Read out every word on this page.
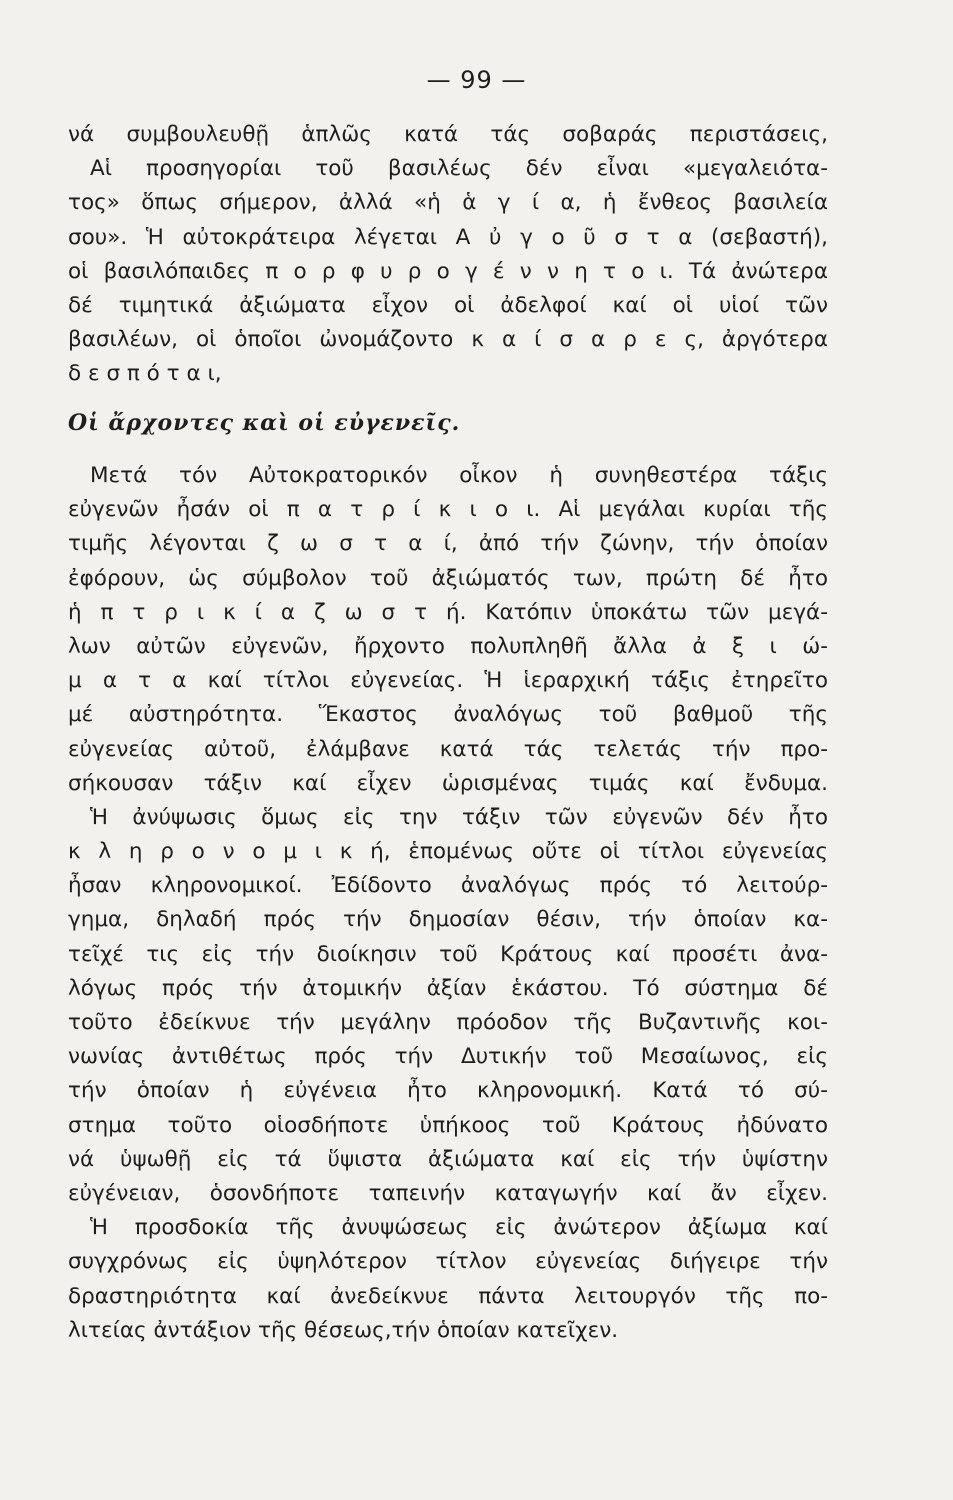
— 99 —
νά συμβουλευθῇ ἁπλῶς κατά τάς σοβαράς περιστάσεις,
Αἱ προσηγορίαι τοῦ βασιλέως δέν εἶναι «μεγαλειότα-
τος» ὅπως σήμερον, ἀλλά «ἡ ἁ γ ί α, ἡ ἔνθεος βασιλεία
σου». Ἡ αὐτοκράτειρα λέγεται Α ὐ γ ο ῦ σ τ α (σεβαστή),
οἱ βασιλόπαιδες π ο ρ φ υ ρ ο γ έ ν ν η τ ο ι. Τά ἀνώτερα
δέ τιμητικά ἀξιώματα εἶχον οἱ ἀδελφοί καί οἱ υἱοί τῶν
βασιλέων, οἱ ὁποῖοι ὠνομάζοντο κ α ί σ α ρ ε ς, ἀργότερα
δ ε σ π ό τ α ι,
Οἱ ἄρχοντες καὶ οἱ εὐγενεῖς.
Μετά τόν Αὐτοκρατορικόν οἶκον ἡ συνηθεστέρα τάξις
εὐγενῶν ἦσάν οἱ π α τ ρ ί κ ι ο ι. Αἱ μεγάλαι κυρίαι τῆς
τιμῆς λέγονται ζ ω σ τ α ί, ἀπό τήν ζώνην, τήν ὁποίαν
ἐφόρουν, ὡς σύμβολον τοῦ ἀξιώματός των, πρώτη δέ ἦτο
ἡ π τ ρ ι κ ί α ζ ω σ τ ή. Κατόπιν ὑποκάτω τῶν μεγά-
λων αὐτῶν εὐγενῶν, ἤρχοντο πολυπληθῆ ἄλλα ἀ ξ ι ώ-
μ α τ α καί τίτλοι εὐγενείας. Ἡ ἱεραρχική τάξις ἐτηρεῖτο
μέ αὐστηρότητα. Ἕκαστος ἀναλόγως τοῦ βαθμοῦ τῆς
εὐγενείας αὐτοῦ, ἐλάμβανε κατά τάς τελετάς τήν προ-
σήκουσαν τάξιν καί εἶχεν ὡρισμένας τιμάς καί ἔνδυμα.
Ἡ ἀνύψωσις ὅμως εἰς την τάξιν τῶν εὐγενῶν δέν ἦτο
κ λ η ρ ο ν ο μ ι κ ή, ἑπομένως οὔτε οἱ τίτλοι εὐγενείας
ἦσαν κληρονομικοί. Ἐδίδοντο ἀναλόγως πρός τό λειτούρ-
γημα, δηλαδή πρός τήν δημοσίαν θέσιν, τήν ὁποίαν κα-
τεῖχέ τις εἰς τήν διοίκησιν τοῦ Κράτους καί προσέτι ἀνα-
λόγως πρός τήν ἀτομικήν ἀξίαν ἑκάστου. Τό σύστημα δέ
τοῦτο ἐδείκνυε τήν μεγάλην πρόοδον τῆς Βυζαντινῆς κοι-
νωνίας ἀντιθέτως πρός τήν Δυτικήν τοῦ Μεσαίωνος, εἰς
τήν ὁποίαν ἡ εὐγένεια ἦτο κληρονομική. Κατά τό σύ-
στημα τοῦτο οἱοσδήποτε ὑπήκοος τοῦ Κράτους ἠδύνατο
νά ὑψωθῇ εἰς τά ὕψιστα ἀξιώματα καί εἰς τήν ὑψίστην
εὐγένειαν, ὁσονδήποτε ταπεινήν καταγωγήν καί ἄν εἶχεν.
Ἡ προσδοκία τῆς ἀνυψώσεως εἰς ἀνώτερον ἀξίωμα καί
συγχρόνως εἰς ὑψηλότερον τίτλον εὐγενείας διήγειρε τήν
δραστηριότητα καί ἀνεδείκνυε πάντα λειτουργόν τῆς πο-
λιτείας ἀντάξιον τῆς θέσεως,τήν ὁποίαν κατεῖχεν.
